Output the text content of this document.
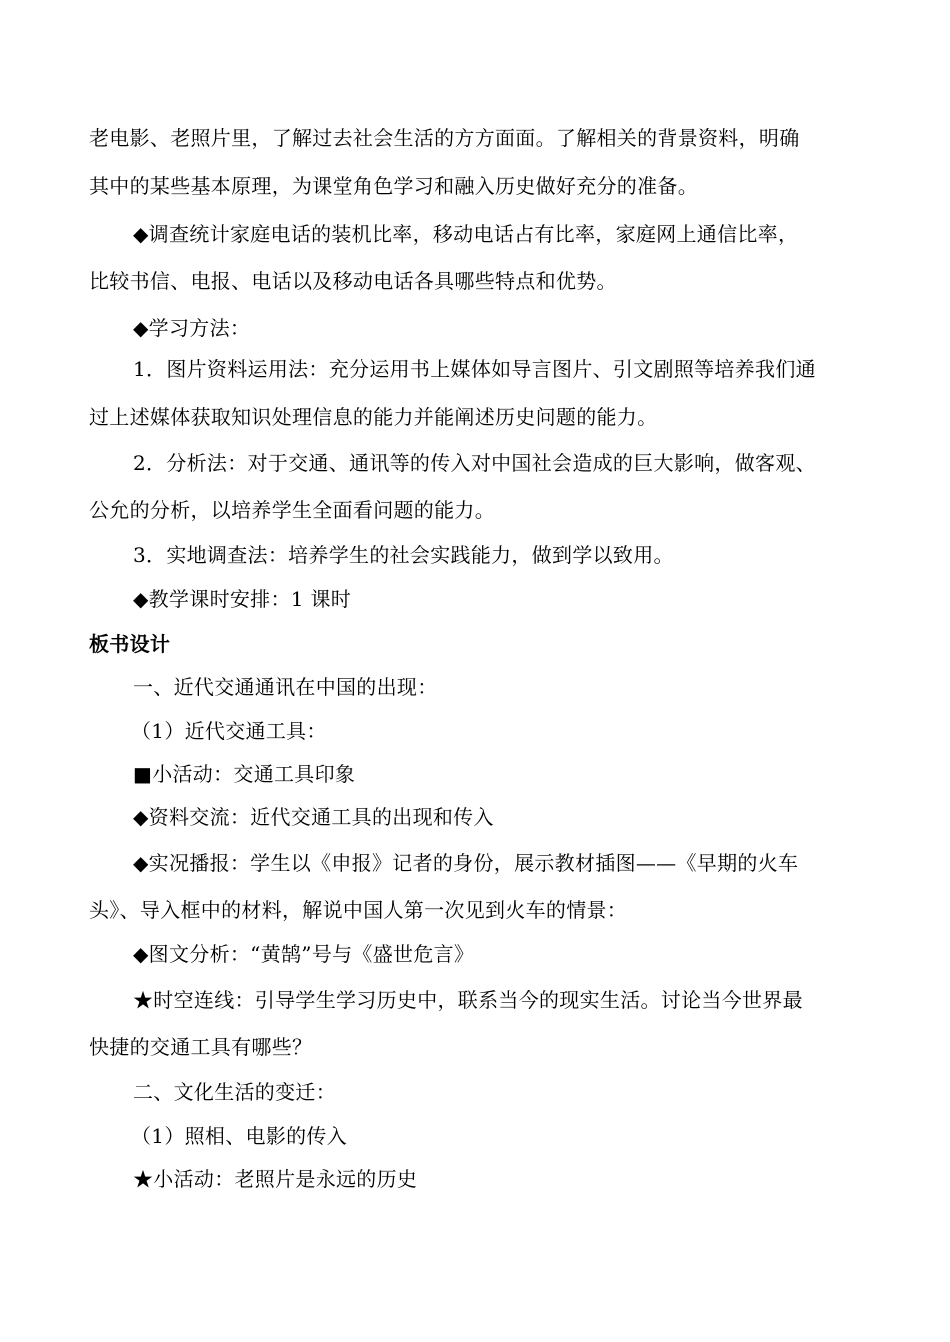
老电影、老照片里，了解过去社会生活的方方面面。了解相关的背景资料，明确
其中的某些基本原理，为课堂角色学习和融入历史做好充分的准备。
◆调查统计家庭电话的装机比率，移动电话占有比率，家庭网上通信比率，
比较书信、电报、电话以及移动电话各具哪些特点和优势。
◆学习方法：
1．图片资料运用法：充分运用书上媒体如导言图片、引文剧照等培养我们通
过上述媒体获取知识处理信息的能力并能阐述历史问题的能力。
2．分析法：对于交通、通讯等的传入对中国社会造成的巨大影响，做客观、
公允的分析，以培养学生全面看问题的能力。
3．实地调查法：培养学生的社会实践能力，做到学以致用。
◆教学课时安排：1 课时
板书设计
一、近代交通通讯在中国的出现：
（1）近代交通工具：
■小活动：交通工具印象
◆资料交流：近代交通工具的出现和传入
◆实况播报：学生以《申报》记者的身份，展示教材插图——《早期的火车
头》、导入框中的材料，解说中国人第一次见到火车的情景：
◆图文分析：“黄鹄”号与《盛世危言》
★时空连线：引导学生学习历史中，联系当今的现实生活。讨论当今世界最
快捷的交通工具有哪些？
二、文化生活的变迁：
（1）照相、电影的传入
★小活动：老照片是永远的历史
